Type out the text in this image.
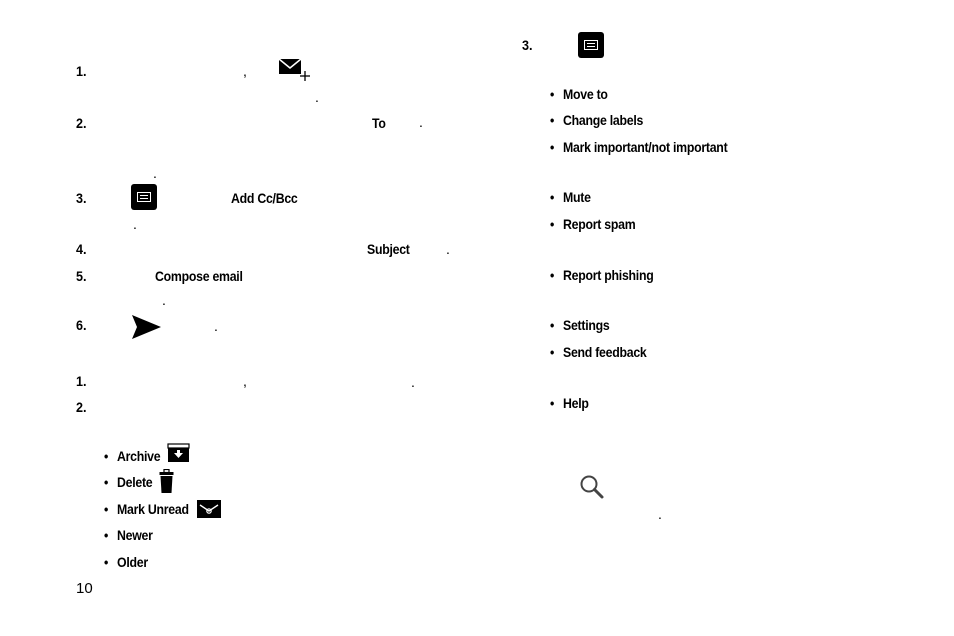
1.	,
.
2.	To .
.
3.	Add Cc/Bcc
.
4.	Subject	.
5.	Compose email
.
6.	.
1.	,	.
2.
• Archive
• Delete
• Mark Unread
• Newer
• Older
10
3.
• Move to
• Change labels
• Mark important/not important
• Mute
• Report spam
• Report phishing
• Settings
• Send feedback
• Help
.
